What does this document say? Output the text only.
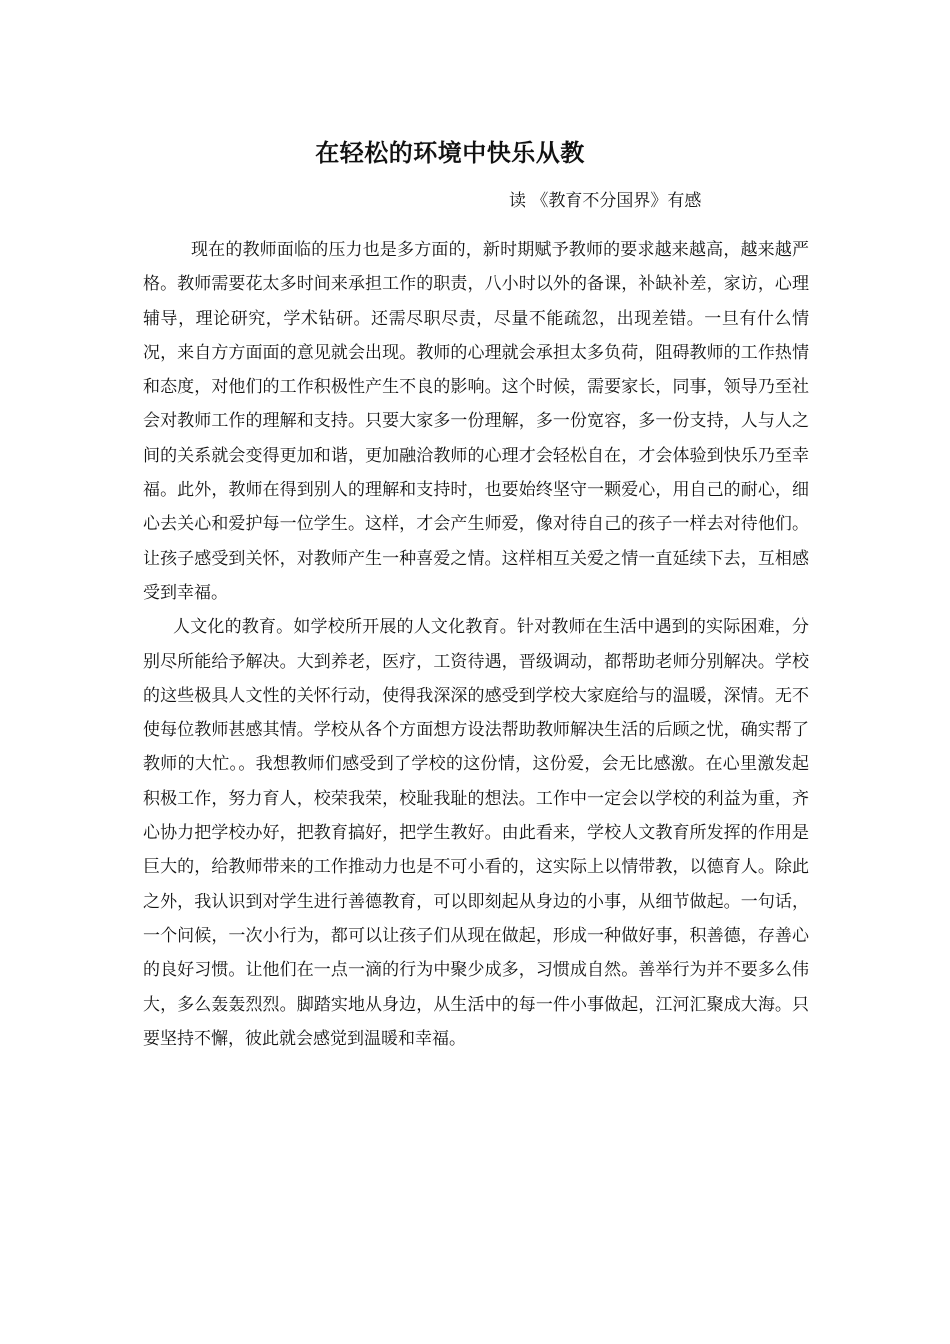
在轻松的环境中快乐从教

读 《教育不分国界》有感

现在的教师面临的压力也是多方面的，新时期赋予教师的要求越来越高，越来越严格。教师需要花太多时间来承担工作的职责，八小时以外的备课，补缺补差，家访，心理辅导，理论研究，学术钻研。还需尽职尽责，尽量不能疏忽，出现差错。一旦有什么情况，来自方方面面的意见就会出现。教师的心理就会承担太多负荷，阻碍教师的工作热情和态度，对他们的工作积极性产生不良的影响。这个时候，需要家长，同事，领导乃至社会对教师工作的理解和支持。只要大家多一份理解，多一份宽容，多一份支持，人与人之间的关系就会变得更加和谐，更加融洽教师的心理才会轻松自在，才会体验到快乐乃至幸福。此外，教师在得到别人的理解和支持时，也要始终坚守一颗爱心，用自己的耐心，细心去关心和爱护每一位学生。这样，才会产生师爱，像对待自己的孩子一样去对待他们。让孩子感受到关怀，对教师产生一种喜爱之情。这样相互关爱之情一直延续下去，互相感受到幸福。

人文化的教育。如学校所开展的人文化教育。针对教师在生活中遇到的实际困难，分别尽所能给予解决。大到养老，医疗，工资待遇，晋级调动，都帮助老师分别解决。学校的这些极具人文性的关怀行动，使得我深深的感受到学校大家庭给与的温暖，深情。无不使每位教师甚感其情。学校从各个方面想方设法帮助教师解决生活的后顾之忧，确实帮了教师的大忙。。我想教师们感受到了学校的这份情，这份爱，会无比感激。在心里激发起积极工作，努力育人，校荣我荣，校耻我耻的想法。工作中一定会以学校的利益为重，齐心协力把学校办好，把教育搞好，把学生教好。由此看来，学校人文教育所发挥的作用是巨大的，给教师带来的工作推动力也是不可小看的，这实际上以情带教，以德育人。除此之外，我认识到对学生进行善德教育，可以即刻起从身边的小事，从细节做起。一句话，一个问候，一次小行为，都可以让孩子们从现在做起，形成一种做好事，积善德，存善心的良好习惯。让他们在一点一滴的行为中聚少成多，习惯成自然。善举行为并不要多么伟大，多么轰轰烈烈。脚踏实地从身边，从生活中的每一件小事做起，江河汇聚成大海。只要坚持不懈，彼此就会感觉到温暖和幸福。
